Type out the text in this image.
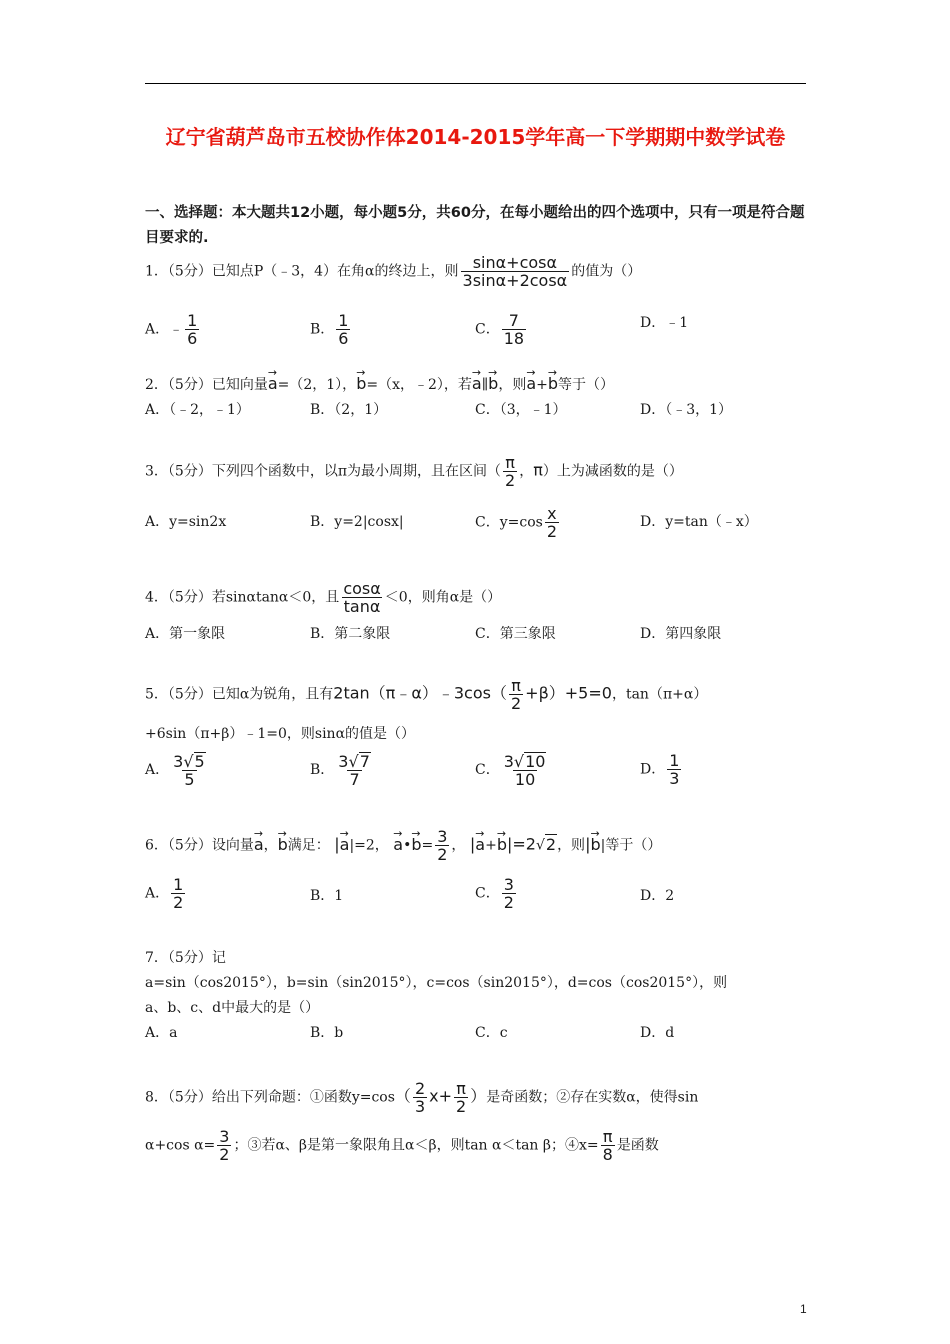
辽宁省葫芦岛市五校协作体2014-2015学年高一下学期期中数学试卷
一、选择题：本大题共12小题，每小题5分，共60分，在每小题给出的四个选项中，只有一项是符合题目要求的.
1．（5分）已知点P（﹣3，4）在角α的终边上，则 $\frac{\sin\alpha+\cos\alpha}{3\sin\alpha+2\cos\alpha}$ 的值为（）
A．﹣ $\frac{1}{6}$	B． $\frac{1}{6}$	C． $\frac{7}{18}$	D．﹣1
2．（5分）已知向量→ a=（2，1），→ b=（x，﹣2），若→ a∥→ b，则→ a+→ b等于（）
A．（﹣2，﹣1）	B．（2，1）	C．（3，﹣1）	D．（﹣3，1）
3．（5分）下列四个函数中，以π为最小周期，且在区间（ $\frac{\pi}{2}$ ，π）上为减函数的是（）
A．y=sin2x	B．y=2|cosx|	C．$y=\cos \frac{x}{2}$	D．y=tan（﹣x）
4．（5分）若sinαtanα＜0，且 $\frac{\cos\alpha}{\tan\alpha} <0$，则角α是（）
A．第一象限	B．第二象限	C．第三象限	D．第四象限
5．（5分）已知α为锐角，且有2tan（π﹣α）﹣3cos（ $\frac{\pi}{2} +\beta)+5=0$，tan（π+α）
+6sin（π+β）﹣1=0，则sinα的值是（）
A． $\frac{3√5}{5}$	B． $\frac{3√7}{7}$	C． $\frac{3√10}{10}$	D． $\frac{1}{3}$
6．（5分）设向量→ a，→ b满足： |→ a|=2， → a•→ $b= \frac{3}{2}$ ， |→ a+→ b|=2√2，则|→ b|等于（）
A． $\frac{1}{2}$	B．1	C． $\frac{3}{2}$	D．2
7．（5分）记
a=sin（cos2015°），b=sin（sin2015°），c=cos（sin2015°），d=cos（cos2015°），则
a、b、c、d中最大的是（）
A．a	B．b	C．c	D．d
8．（5分）给出下列命题：①函数$y=\cos( \frac{2}{3} x+ \frac{\pi}{2}$ ）是奇函数；②存在实数α，使得sin
α+cos $\alpha= \frac{3}{2}$ ；③若α、β是第一象限角且α＜β，则tan α＜tan β；④x= $\frac{\pi}{8}$ 是函数
1
